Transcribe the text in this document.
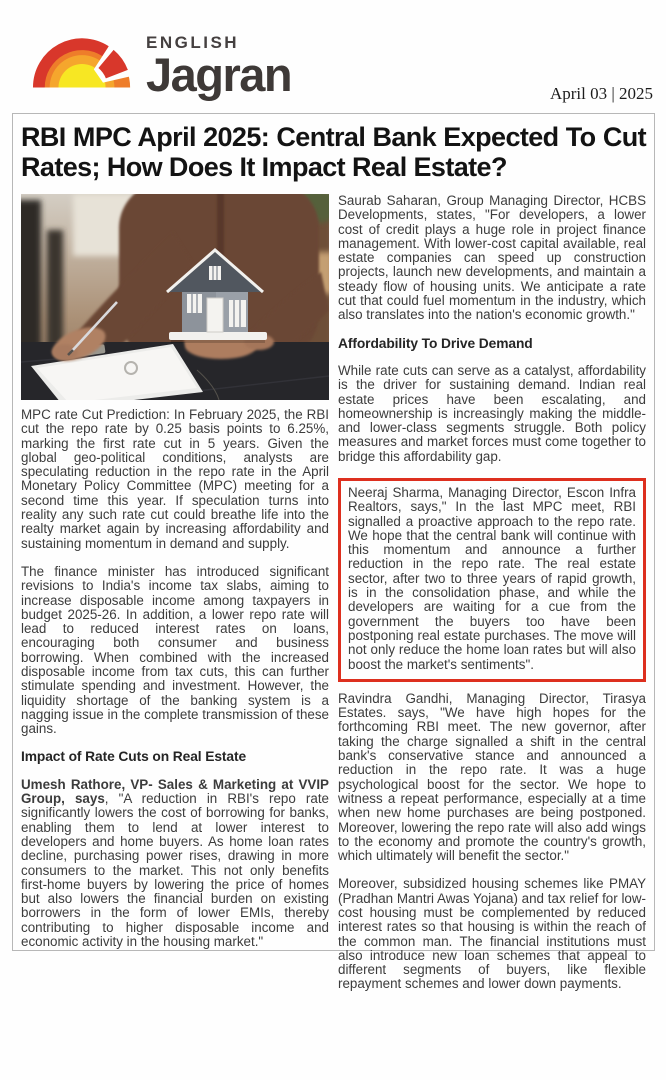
ENGLISH
Jagran	April 03 | 2025
RBI MPC April 2025: Central Bank Expected To Cut
Rates; How Does It Impact Real Estate?

MPC rate Cut Prediction: In February 2025, the RBI cut the repo rate by 0.25 basis points to 6.25%, marking the first rate cut in 5 years. Given the global geo-political conditions, analysts are speculating reduction in the repo rate in the April Monetary Policy Committee (MPC) meeting for a second time this year. If speculation turns into reality any such rate cut could breathe life into the realty market again by increasing affordability and sustaining momentum in demand and supply.

The finance minister has introduced significant revisions to India's income tax slabs, aiming to increase disposable income among taxpayers in budget 2025-26. In addition, a lower repo rate will lead to reduced interest rates on loans, encouraging both consumer and business borrowing. When combined with the increased disposable income from tax cuts, this can further stimulate spending and investment. However, the liquidity shortage of the banking system is a nagging issue in the complete transmission of these gains.

Impact of Rate Cuts on Real Estate

Umesh Rathore, VP- Sales & Marketing at VVIP Group, says, "A reduction in RBI's repo rate significantly lowers the cost of borrowing for banks, enabling them to lend at lower interest to developers and home buyers. As home loan rates decline, purchasing power rises, drawing in more consumers to the market. This not only benefits first-home buyers by lowering the price of homes but also lowers the financial burden on existing borrowers in the form of lower EMIs, thereby contributing to higher disposable income and economic activity in the housing market."

Saurab Saharan, Group Managing Director, HCBS Developments, states, "For developers, a lower cost of credit plays a huge role in project finance management. With lower-cost capital available, real estate companies can speed up construction projects, launch new developments, and maintain a steady flow of housing units. We anticipate a rate cut that could fuel momentum in the industry, which also translates into the nation's economic growth."

Affordability To Drive Demand

While rate cuts can serve as a catalyst, affordability is the driver for sustaining demand. Indian real estate prices have been escalating, and homeownership is increasingly making the middle- and lower-class segments struggle. Both policy measures and market forces must come together to bridge this affordability gap.

Neeraj Sharma, Managing Director, Escon Infra Realtors, says," In the last MPC meet, RBI signalled a proactive approach to the repo rate. We hope that the central bank will continue with this momentum and announce a further reduction in the repo rate. The real estate sector, after two to three years of rapid growth, is in the consolidation phase, and while the developers are waiting for a cue from the government the buyers too have been postponing real estate purchases. The move will not only reduce the home loan rates but will also boost the market's sentiments".

Ravindra Gandhi, Managing Director, Tirasya Estates. says, "We have high hopes for the forthcoming RBI meet. The new governor, after taking the charge signalled a shift in the central bank's conservative stance and announced a reduction in the repo rate. It was a huge psychological boost for the sector. We hope to witness a repeat performance, especially at a time when new home purchases are being postponed. Moreover, lowering the repo rate will also add wings to the economy and promote the country's growth, which ultimately will benefit the sector."

Moreover, subsidized housing schemes like PMAY (Pradhan Mantri Awas Yojana) and tax relief for low-cost housing must be complemented by reduced interest rates so that housing is within the reach of the common man. The financial institutions must also introduce new loan schemes that appeal to different segments of buyers, like flexible repayment schemes and lower down payments.
